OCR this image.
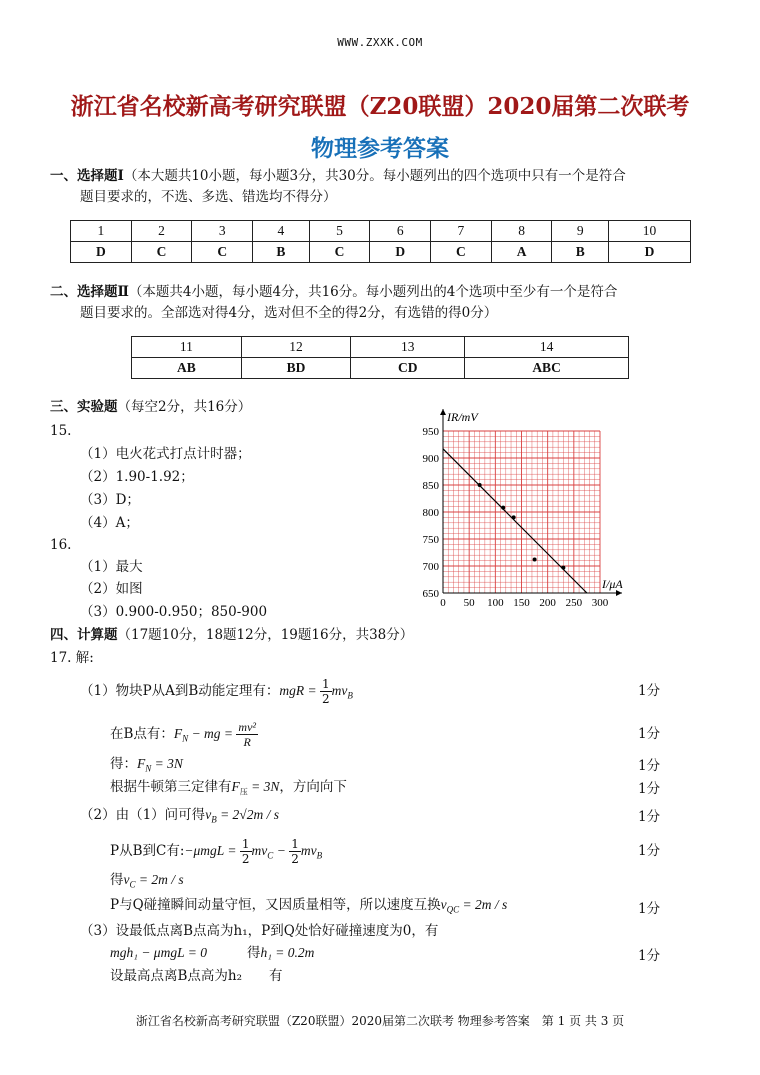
WWW.ZXXK.COM
浙江省名校新高考研究联盟（Z20联盟）2020届第二次联考
物理参考答案
一、选择题Ⅰ（本大题共10小题，每小题3分，共30分。每小题列出的四个选项中只有一个是符合
题目要求的，不选、多选、错选均不得分）
1	2	3	4	5	6	7	8	9	10
D	C	C	B	C	D	C	A	B	D
二、选择题Ⅱ（本题共4小题，每小题4分，共16分。每小题列出的4个选项中至少有一个是符合
题目要求的。全部选对得4分，选对但不全的得2分，有选错的得0分）
11	12	13	14
AB	BD	CD	ABC
三、实验题（每空2分，共16分）
15.
（1）电火花式打点计时器；
（2）1.90-1.92；
（3）D；
（4）A；
16.
（1）最大
（2）如图
（3）0.900-0.950；850-900
0 50 100 150 200 250 300
650
700
750
800
850
900
950
IR/mV
I/μA
四、计算题（17题10分，18题12分，19题16分，共38分）
17. 解:
（1）物块P从A到B动能定理有：mgR = $\frac{1}{2} mv_B$	1分
在B点有：$F_N$ − mg = $\frac{\text{mv²}}{R}$	1分
得：$F_N = 3N$	1分
根据牛顿第三定律有$F_压 = 3N$，方向向下	1分
（2）由（1）问可得$v_B = 2√2m / s$	1分
P从B到C有:−μmgL = $\frac{1}{2} mv_C - \frac{1}{2} mv_B$	1分
得$v_C = 2m / s$
P与Q碰撞瞬间动量守恒，又因质量相等，所以速度互换$v_{QC} = 2m / s$	1分
（3）设最低点离B点高为h₁，P到Q处恰好碰撞速度为0，有
mgh₁ − μmgL = 0	得h₁ = 0.2m	1分
设最高点离B点高为h₂　　有
浙江省名校新高考研究联盟（Z20联盟）2020届第二次联考 物理参考答案　第 1 页 共 3 页
